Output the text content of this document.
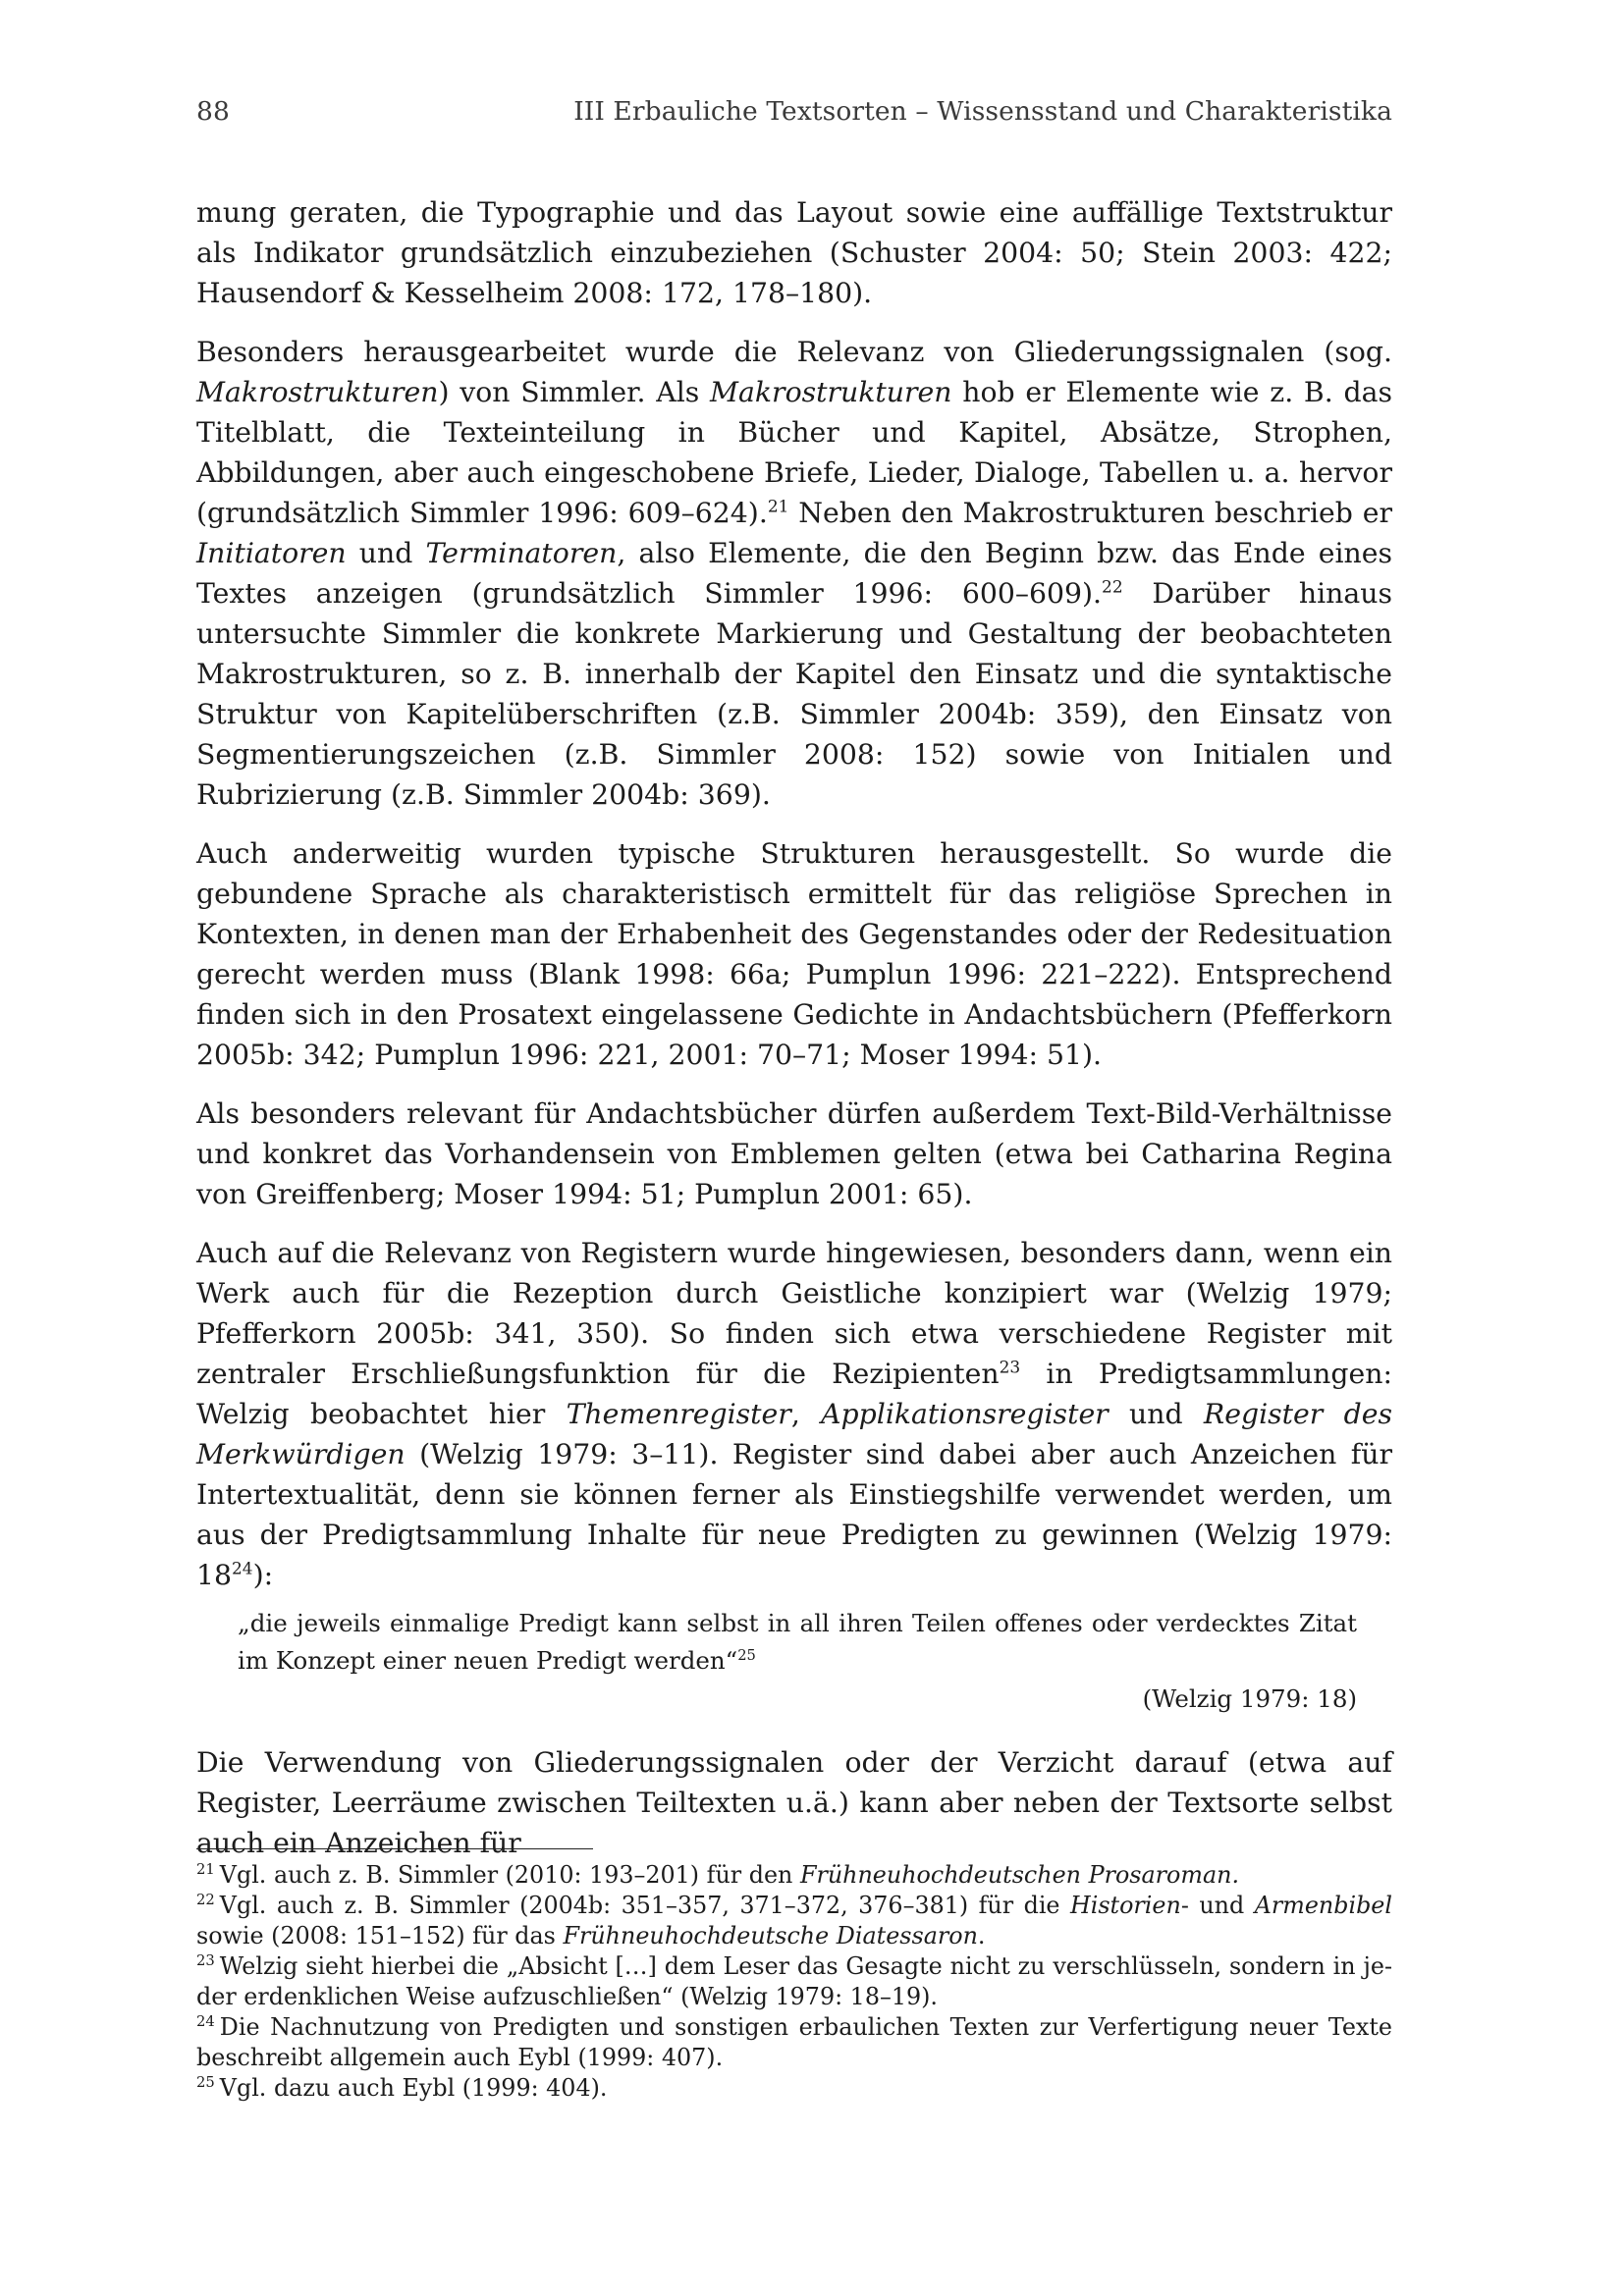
88	III Erbauliche Textsorten – Wissensstand und Charakteristika

mung geraten, die Typographie und das Layout sowie eine auffällige Textstruktur als Indikator grundsätzlich einzubeziehen (Schuster 2004: 50; Stein 2003: 422; Hausendorf & Kesselheim 2008: 172, 178–180).

Besonders herausgearbeitet wurde die Relevanz von Gliederungssignalen (sog. Makrostrukturen) von Simmler. Als Makrostrukturen hob er Elemente wie z. B. das Titelblatt, die Texteinteilung in Bücher und Kapitel, Absätze, Strophen, Abbildungen, aber auch eingeschobene Briefe, Lieder, Dialoge, Tabellen u. a. hervor (grundsätzlich Simmler 1996: 609–624).$^{21}$ Neben den Makrostrukturen beschrieb er Initiatoren und Terminatoren, also Elemente, die den Beginn bzw. das Ende eines Textes anzeigen (grundsätzlich Simmler 1996: 600–609).$^{22}$ Darüber hinaus untersuchte Simmler die konkrete Markierung und Gestaltung der beobachteten Makrostrukturen, so z. B. innerhalb der Kapitel den Einsatz und die syntaktische Struktur von Kapitelüberschriften (z.B. Simmler 2004b: 359), den Einsatz von Segmentierungszeichen (z.B. Simmler 2008: 152) sowie von Initialen und Rubrizierung (z.B. Simmler 2004b: 369).

Auch anderweitig wurden typische Strukturen herausgestellt. So wurde die gebundene Sprache als charakteristisch ermittelt für das religiöse Sprechen in Kontexten, in denen man der Erhabenheit des Gegenstandes oder der Redesituation gerecht werden muss (Blank 1998: 66a; Pumplun 1996: 221–222). Entsprechend finden sich in den Prosatext eingelassene Gedichte in Andachtsbüchern (Pfefferkorn 2005b: 342; Pumplun 1996: 221, 2001: 70–71; Moser 1994: 51).

Als besonders relevant für Andachtsbücher dürfen außerdem Text-Bild-Verhältnisse und konkret das Vorhandensein von Emblemen gelten (etwa bei Catharina Regina von Greiffenberg; Moser 1994: 51; Pumplun 2001: 65).

Auch auf die Relevanz von Registern wurde hingewiesen, besonders dann, wenn ein Werk auch für die Rezeption durch Geistliche konzipiert war (Welzig 1979; Pfefferkorn 2005b: 341, 350). So finden sich etwa verschiedene Register mit zentraler Erschließungsfunktion für die Rezipienten$^{23}$ in Predigtsammlungen: Welzig beobachtet hier Themenregister, Applikationsregister und Register des Merkwürdigen (Welzig 1979: 3–11). Register sind dabei aber auch Anzeichen für Intertextualität, denn sie können ferner als Einstiegshilfe verwendet werden, um aus der Predigtsammlung Inhalte für neue Predigten zu gewinnen (Welzig 1979: $18^{24}$):

„die jeweils einmalige Predigt kann selbst in all ihren Teilen offenes oder verdecktes Zitat im Konzept einer neuen Predigt werden“$^{25}$

(Welzig 1979: 18)

Die Verwendung von Gliederungssignalen oder der Verzicht darauf (etwa auf Register, Leerräume zwischen Teiltexten u.ä.) kann aber neben der Textsorte selbst auch ein Anzeichen für

$^{21}$ Vgl. auch z. B. Simmler (2010: 193–201) für den Frühneuhochdeutschen Prosaroman.

$^{22}$ Vgl. auch z. B. Simmler (2004b: 351–357, 371–372, 376–381) für die Historien- und Armenbibel sowie (2008: 151–152) für das Frühneuhochdeutsche Diatessaron.

$^{23}$ Welzig sieht hierbei die „Absicht […] dem Leser das Gesagte nicht zu verschlüsseln, sondern in jeder erdenklichen Weise aufzuschließen“ (Welzig 1979: 18–19).

$^{24}$ Die Nachnutzung von Predigten und sonstigen erbaulichen Texten zur Verfertigung neuer Texte beschreibt allgemein auch Eybl (1999: 407).

$^{25}$ Vgl. dazu auch Eybl (1999: 404).
